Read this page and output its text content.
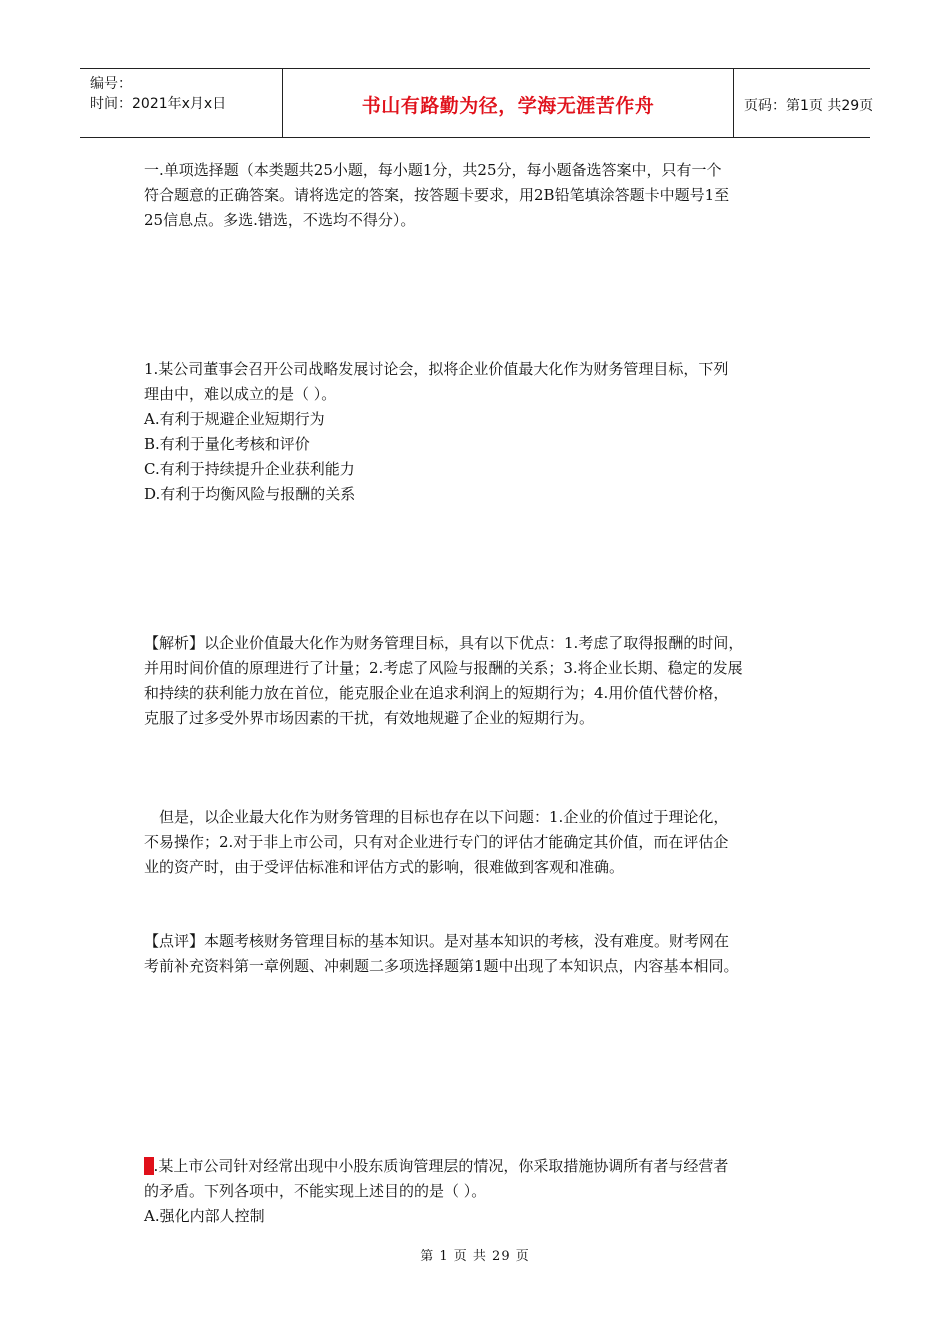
编号：
时间：2021年x月x日	书山有路勤为径，学海无涯苦作舟	页码：第1页 共29页

一.单项选择题（本类题共25小题，每小题1分，共25分，每小题备选答案中，只有一个
符合题意的正确答案。请将选定的答案，按答题卡要求，用2B铅笔填涂答题卡中题号1至
25信息点。多选.错选，不选均不得分）。

1.某公司董事会召开公司战略发展讨论会，拟将企业价值最大化作为财务管理目标，下列
理由中，难以成立的是（ ）。

A.有利于规避企业短期行为
B.有利于量化考核和评价
C.有利于持续提升企业获利能力
D.有利于均衡风险与报酬的关系

【解析】以企业价值最大化作为财务管理目标，具有以下优点：1.考虑了取得报酬的时间，
并用时间价值的原理进行了计量；2.考虑了风险与报酬的关系；3.将企业长期、稳定的发展
和持续的获利能力放在首位，能克服企业在追求利润上的短期行为；4.用价值代替价格，
克服了过多受外界市场因素的干扰，有效地规避了企业的短期行为。

但是，以企业最大化作为财务管理的目标也存在以下问题：1.企业的价值过于理论化，
不易操作；2.对于非上市公司，只有对企业进行专门的评估才能确定其价值，而在评估企
业的资产时，由于受评估标准和评估方式的影响，很难做到客观和准确。

【点评】本题考核财务管理目标的基本知识。是对基本知识的考核，没有难度。财考网在
考前补充资料第一章例题、冲刺题二多项选择题第1题中出现了本知识点，内容基本相同。

2.某上市公司针对经常出现中小股东质询管理层的情况，你采取措施协调所有者与经营者
的矛盾。下列各项中，不能实现上述目的的是（ ）。

A.强化内部人控制

第 1 页 共 29 页
